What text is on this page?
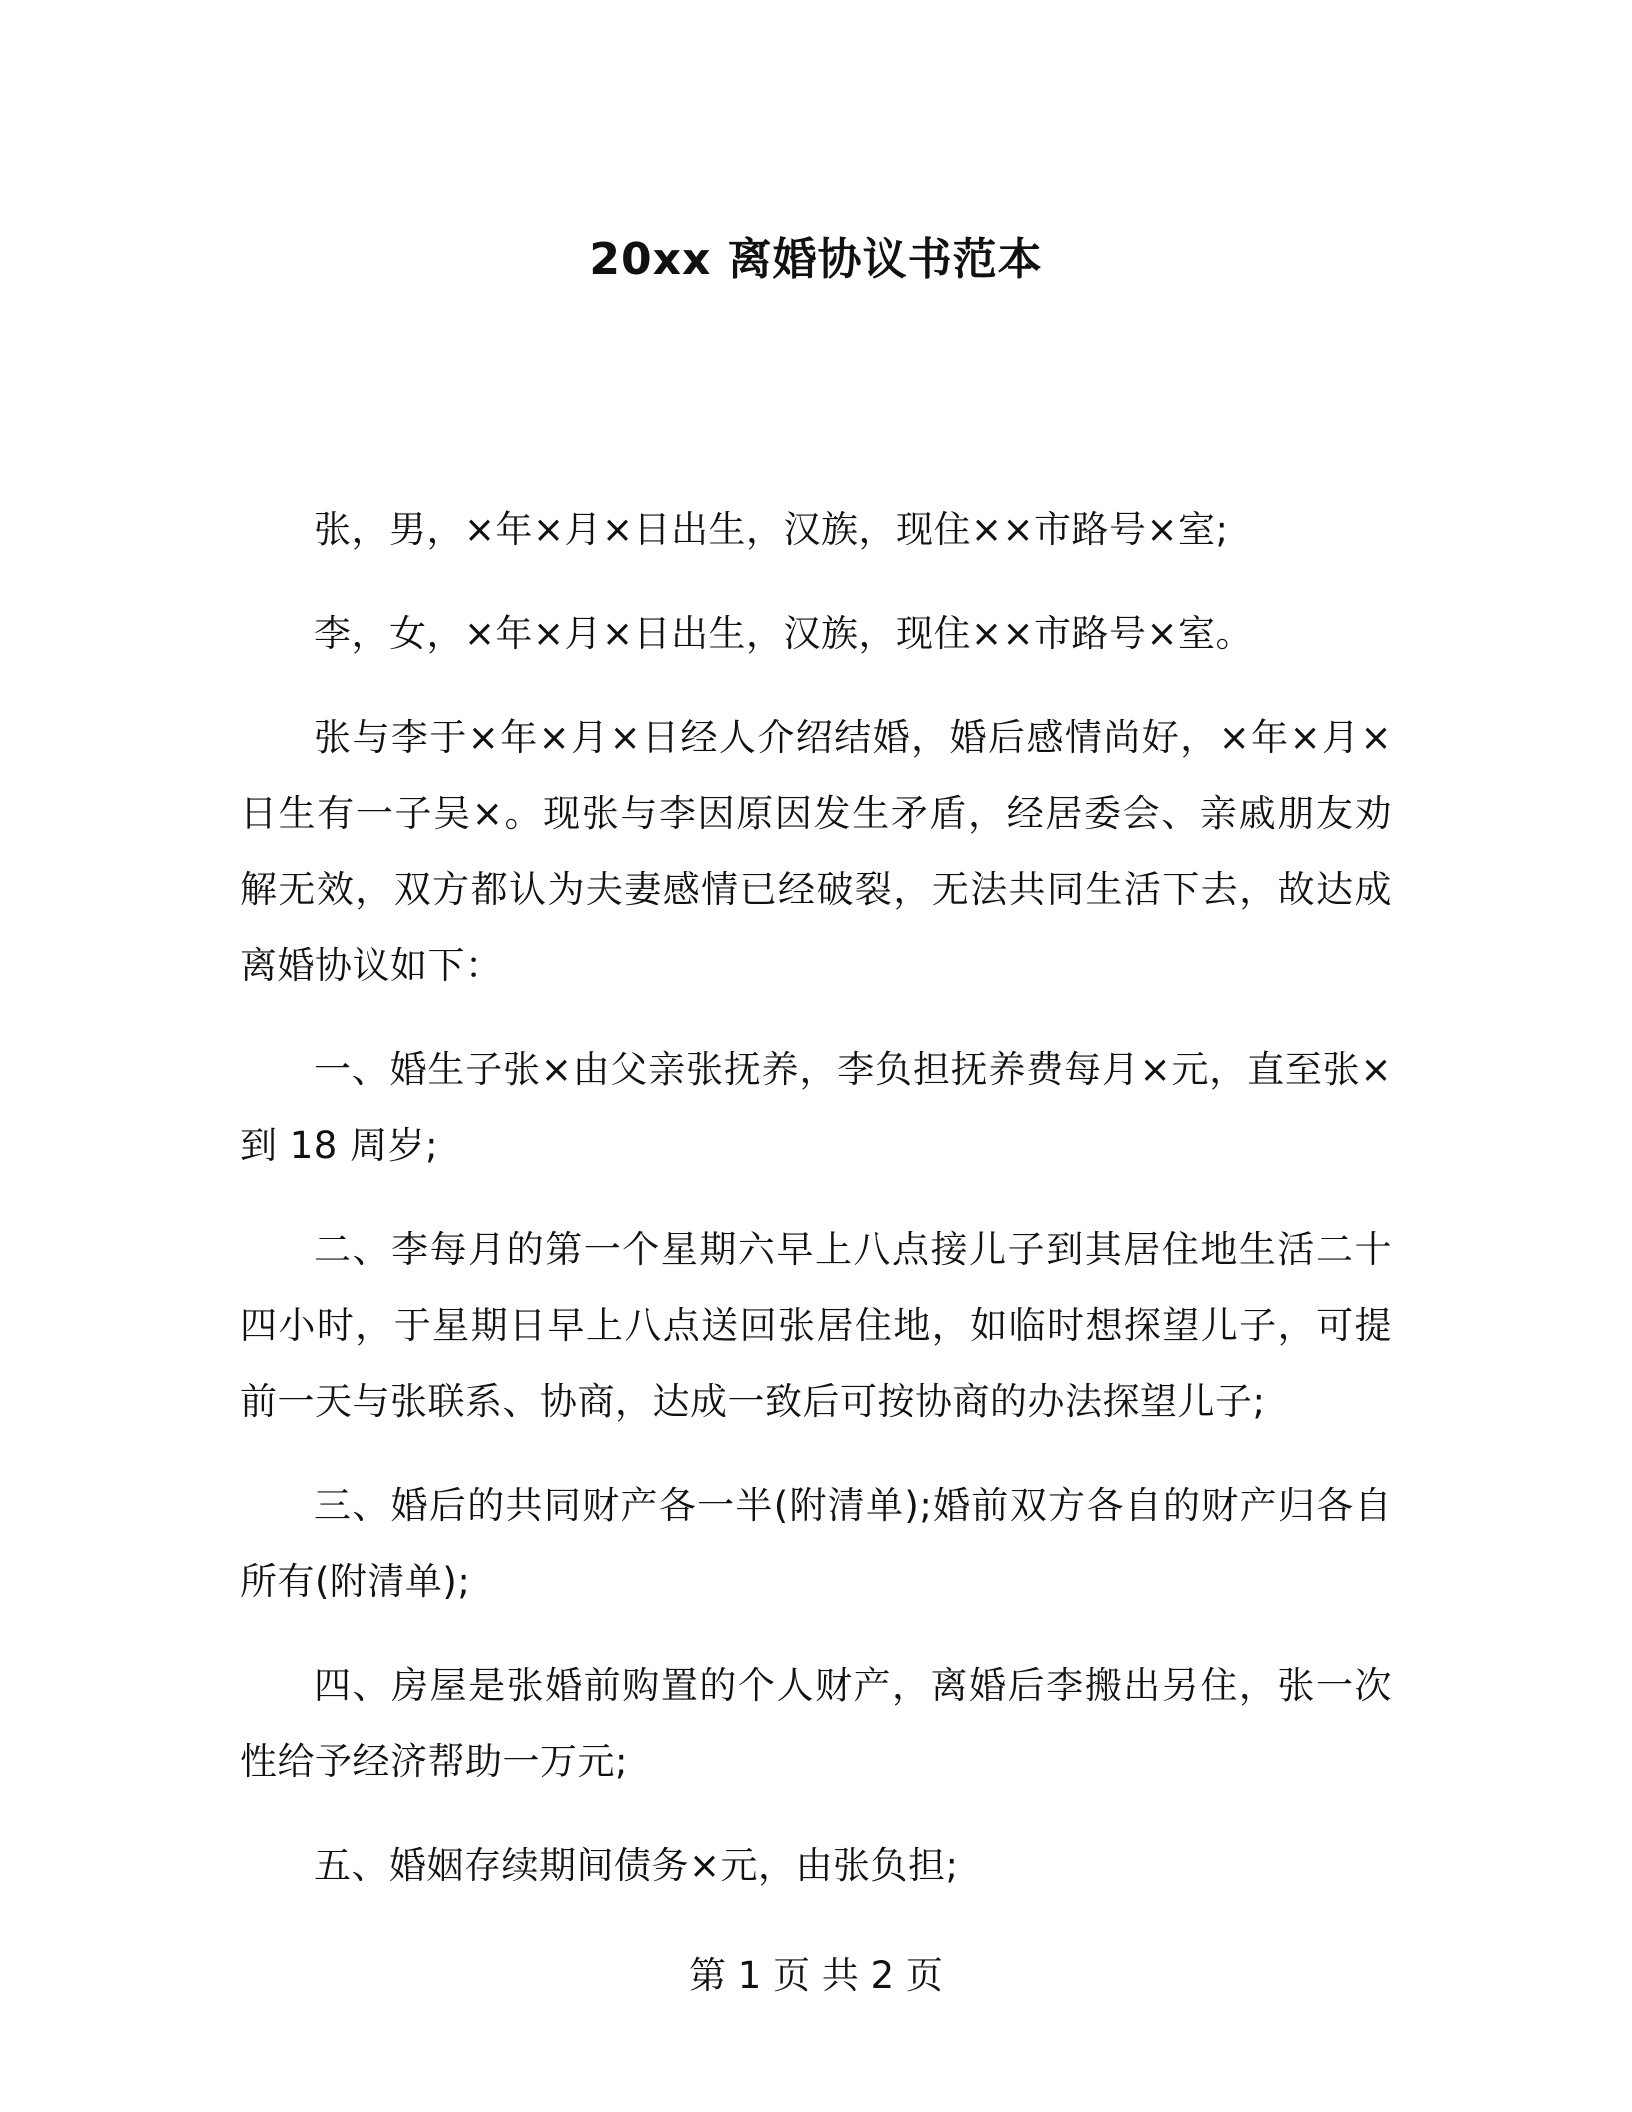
20xx 离婚协议书范本

张，男，×年×月×日出生，汉族，现住××市路号×室;

李，女，×年×月×日出生，汉族，现住××市路号×室。

张与李于×年×月×日经人介绍结婚，婚后感情尚好，×年×月×日生有一子吴×。现张与李因原因发生矛盾，经居委会、亲戚朋友劝解无效，双方都认为夫妻感情已经破裂，无法共同生活下去，故达成离婚协议如下：

一、婚生子张×由父亲张抚养，李负担抚养费每月×元，直至张×到 18 周岁;

二、李每月的第一个星期六早上八点接儿子到其居住地生活二十四小时，于星期日早上八点送回张居住地，如临时想探望儿子，可提前一天与张联系、协商，达成一致后可按协商的办法探望儿子;

三、婚后的共同财产各一半(附清单);婚前双方各自的财产归各自所有(附清单);

四、房屋是张婚前购置的个人财产，离婚后李搬出另住，张一次性给予经济帮助一万元;

五、婚姻存续期间债务×元，由张负担;

第 1 页 共 2 页
